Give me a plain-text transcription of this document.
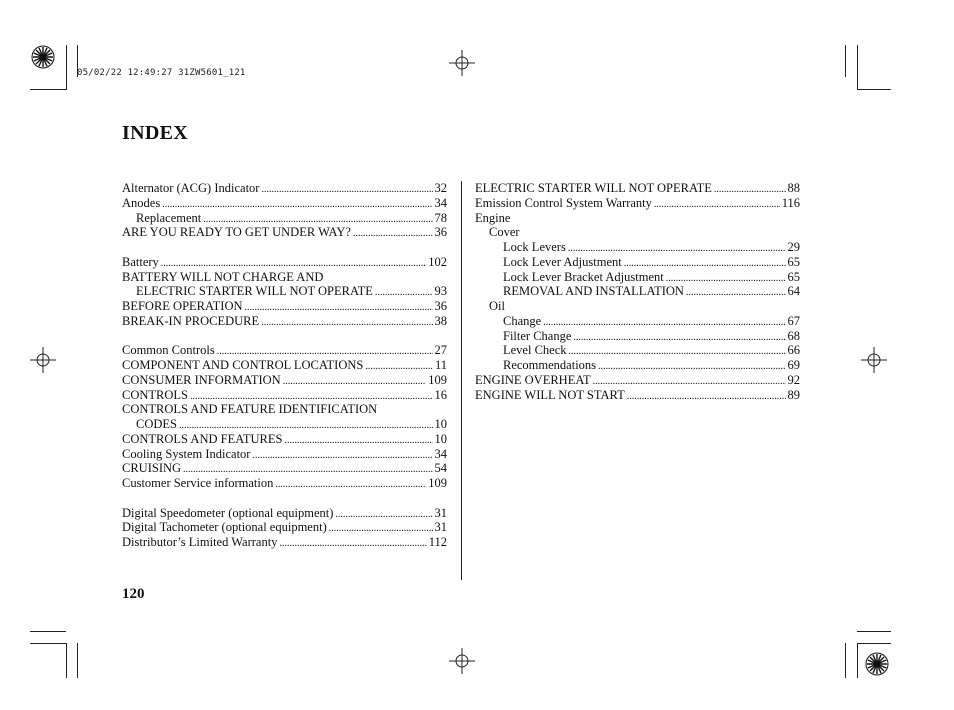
05/02/22 12:49:27 31ZW5601_121
INDEX
Alternator (ACG) Indicator .....	32
Anodes .....	34
Replacement .....	78
ARE YOU READY TO GET UNDER WAY? .....	36
Battery .....	102
BATTERY WILL NOT CHARGE AND
ELECTRIC STARTER WILL NOT OPERATE .....	93
BEFORE OPERATION .....	36
BREAK-IN PROCEDURE .....	38
Common Controls .....	27
COMPONENT AND CONTROL LOCATIONS .....	11
CONSUMER INFORMATION .....	109
CONTROLS .....	16
CONTROLS AND FEATURE IDENTIFICATION
CODES .....	10
CONTROLS AND FEATURES .....	10
Cooling System Indicator .....	34
CRUISING .....	54
Customer Service information .....	109
Digital Speedometer (optional equipment) .....	31
Digital Tachometer (optional equipment) .....	31
Distributor’s Limited Warranty .....	112
ELECTRIC STARTER WILL NOT OPERATE .....	88
Emission Control System Warranty .....	116
Engine
Cover
Lock Levers .....	29
Lock Lever Adjustment .....	65
Lock Lever Bracket Adjustment .....	65
REMOVAL AND INSTALLATION .....	64
Oil
Change .....	67
Filter Change .....	68
Level Check .....	66
Recommendations .....	69
ENGINE OVERHEAT .....	92
ENGINE WILL NOT START .....	89
120
